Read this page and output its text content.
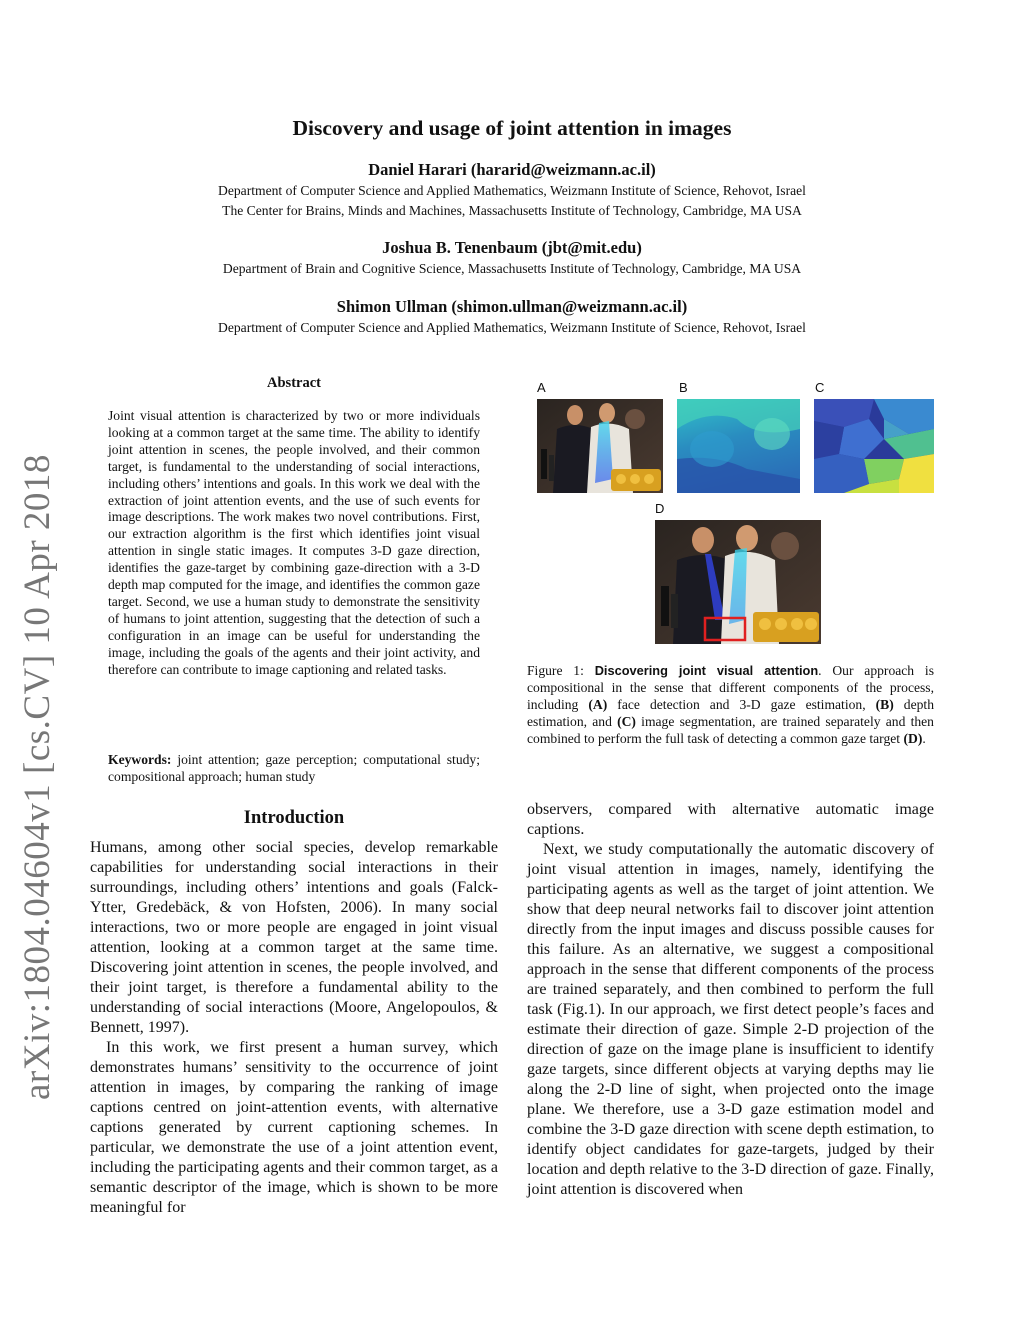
arXiv:1804.04604v1 [cs.CV] 10 Apr 2018
Discovery and usage of joint attention in images
Daniel Harari (hararid@weizmann.ac.il)
Department of Computer Science and Applied Mathematics, Weizmann Institute of Science, Rehovot, Israel
The Center for Brains, Minds and Machines, Massachusetts Institute of Technology, Cambridge, MA USA
Joshua B. Tenenbaum (jbt@mit.edu)
Department of Brain and Cognitive Science, Massachusetts Institute of Technology, Cambridge, MA USA
Shimon Ullman (shimon.ullman@weizmann.ac.il)
Department of Computer Science and Applied Mathematics, Weizmann Institute of Science, Rehovot, Israel
Abstract
Joint visual attention is characterized by two or more individuals looking at a common target at the same time. The ability to identify joint attention in scenes, the people involved, and their common target, is fundamental to the understanding of social interactions, including others’ intentions and goals. In this work we deal with the extraction of joint attention events, and the use of such events for image descriptions. The work makes two novel contributions. First, our extraction algorithm is the first which identifies joint visual attention in single static images. It computes 3-D gaze direction, identifies the gaze-target by combining gaze-direction with a 3-D depth map computed for the image, and identifies the common gaze target. Second, we use a human study to demonstrate the sensitivity of humans to joint attention, suggesting that the detection of such a configuration in an image can be useful for understanding the image, including the goals of the agents and their joint activity, and therefore can contribute to image captioning and related tasks.
Keywords: joint attention; gaze perception; computational study; compositional approach; human study
A	B	C
D
Figure 1: Discovering joint visual attention. Our approach is compositional in the sense that different components of the process, including (A) face detection and 3-D gaze estimation, (B) depth estimation, and (C) image segmentation, are trained separately and then combined to perform the full task of detecting a common gaze target (D).
Introduction

Humans, among other social species, develop remarkable capabilities for understanding social interactions in their surroundings, including others’ intentions and goals (Falck-Ytter, Gredebäck, & von Hofsten, 2006). In many social interactions, two or more people are engaged in joint visual attention, looking at a common target at the same time. Discovering joint attention in scenes, the people involved, and their joint target, is therefore a fundamental ability to the understanding of social interactions (Moore, Angelopoulos, & Bennett, 1997).

In this work, we first present a human survey, which demonstrates humans’ sensitivity to the occurrence of joint attention in images, by comparing the ranking of image captions centred on joint-attention events, with alternative captions generated by current captioning schemes. In particular, we demonstrate the use of a joint attention event, including the participating agents and their common target, as a semantic descriptor of the image, which is shown to be more meaningful for

observers, compared with alternative automatic image captions.

Next, we study computationally the automatic discovery of joint visual attention in images, namely, identifying the participating agents as well as the target of joint attention. We show that deep neural networks fail to discover joint attention directly from the input images and discuss possible causes for this failure. As an alternative, we suggest a compositional approach in the sense that different components of the process are trained separately, and then combined to perform the full task (Fig.1). In our approach, we first detect people’s faces and estimate their direction of gaze. Simple 2-D projection of the direction of gaze on the image plane is insufficient to identify gaze targets, since different objects at varying depths may lie along the 2-D line of sight, when projected onto the image plane. We therefore, use a 3-D gaze estimation model and combine the 3-D gaze direction with scene depth estimation, to identify object candidates for gaze-targets, judged by their location and depth relative to the 3-D direction of gaze. Finally, joint attention is discovered when
